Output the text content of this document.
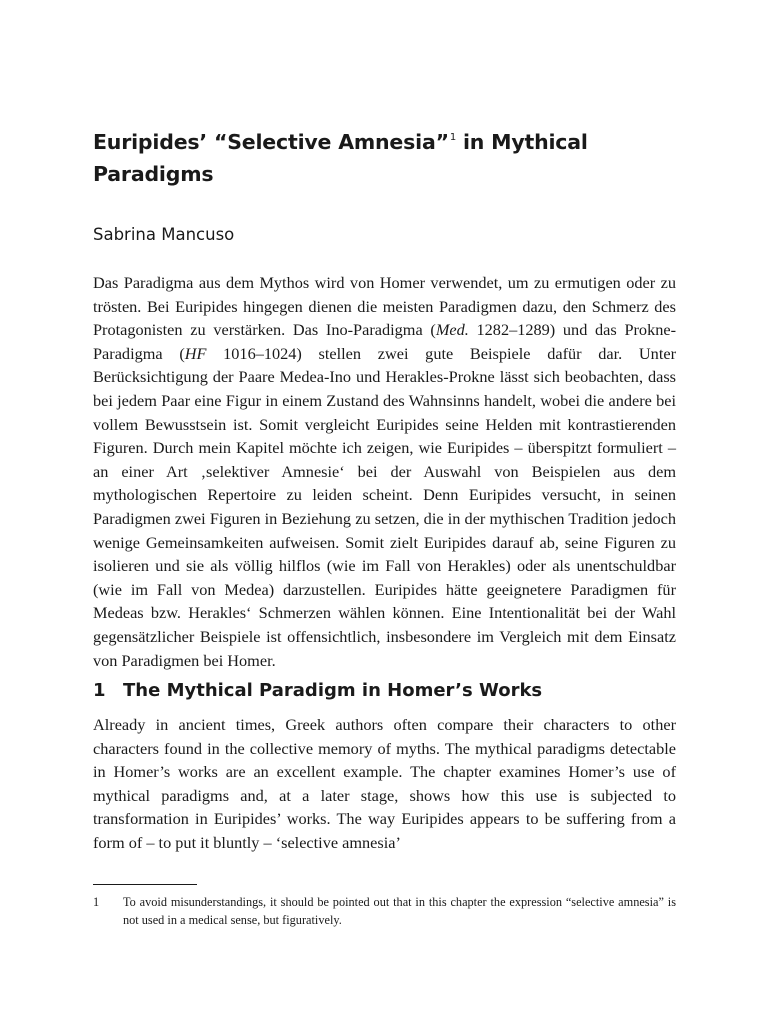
Euripides’ “Selective Amnesia”$^1$ in Mythical Paradigms
Sabrina Mancuso

Das Paradigma aus dem Mythos wird von Homer verwendet, um zu ermutigen oder zu trösten. Bei Euripides hingegen dienen die meisten Paradigmen dazu, den Schmerz des Protagonisten zu verstärken. Das Ino-Paradigma (Med. 1282–1289) und das Prokne-Paradigma (HF 1016–1024) stellen zwei gute Beispiele dafür dar. Unter Berücksichtigung der Paare Medea-Ino und Herakles-Prokne lässt sich beobachten, dass bei jedem Paar eine Figur in einem Zustand des Wahnsinns handelt, wobei die andere bei vollem Bewusstsein ist. Somit vergleicht Euripides seine Helden mit kontrastierenden Figuren. Durch mein Kapitel möchte ich zeigen, wie Euripides – überspitzt formuliert – an einer Art ‚selektiver Amnesie‘ bei der Auswahl von Beispielen aus dem mythologischen Repertoire zu leiden scheint. Denn Euripides versucht, in seinen Paradigmen zwei Figuren in Beziehung zu setzen, die in der mythischen Tradition jedoch wenige Gemeinsamkeiten aufweisen. Somit zielt Euripides darauf ab, seine Figuren zu isolieren und sie als völlig hilflos (wie im Fall von Herakles) oder als unentschuldbar (wie im Fall von Medea) darzustellen. Euripides hätte geeignetere Paradigmen für Medeas bzw. Herakles‘ Schmerzen wählen können. Eine Intentionalität bei der Wahl gegensätzlicher Beispiele ist offensichtlich, insbesondere im Vergleich mit dem Einsatz von Paradigmen bei Homer.

1 The Mythical Paradigm in Homer’s Works

Already in ancient times, Greek authors often compare their characters to other characters found in the collective memory of myths. The mythical paradigms detectable in Homer’s works are an excellent example. The chapter examines Homer’s use of mythical paradigms and, at a later stage, shows how this use is subjected to transformation in Euripides’ works. The way Euripides appears to be suffering from a form of – to put it bluntly – ‘selective amnesia’

1 To avoid misunderstandings, it should be pointed out that in this chapter the expression “selective amnesia” is not used in a medical sense, but figuratively.
